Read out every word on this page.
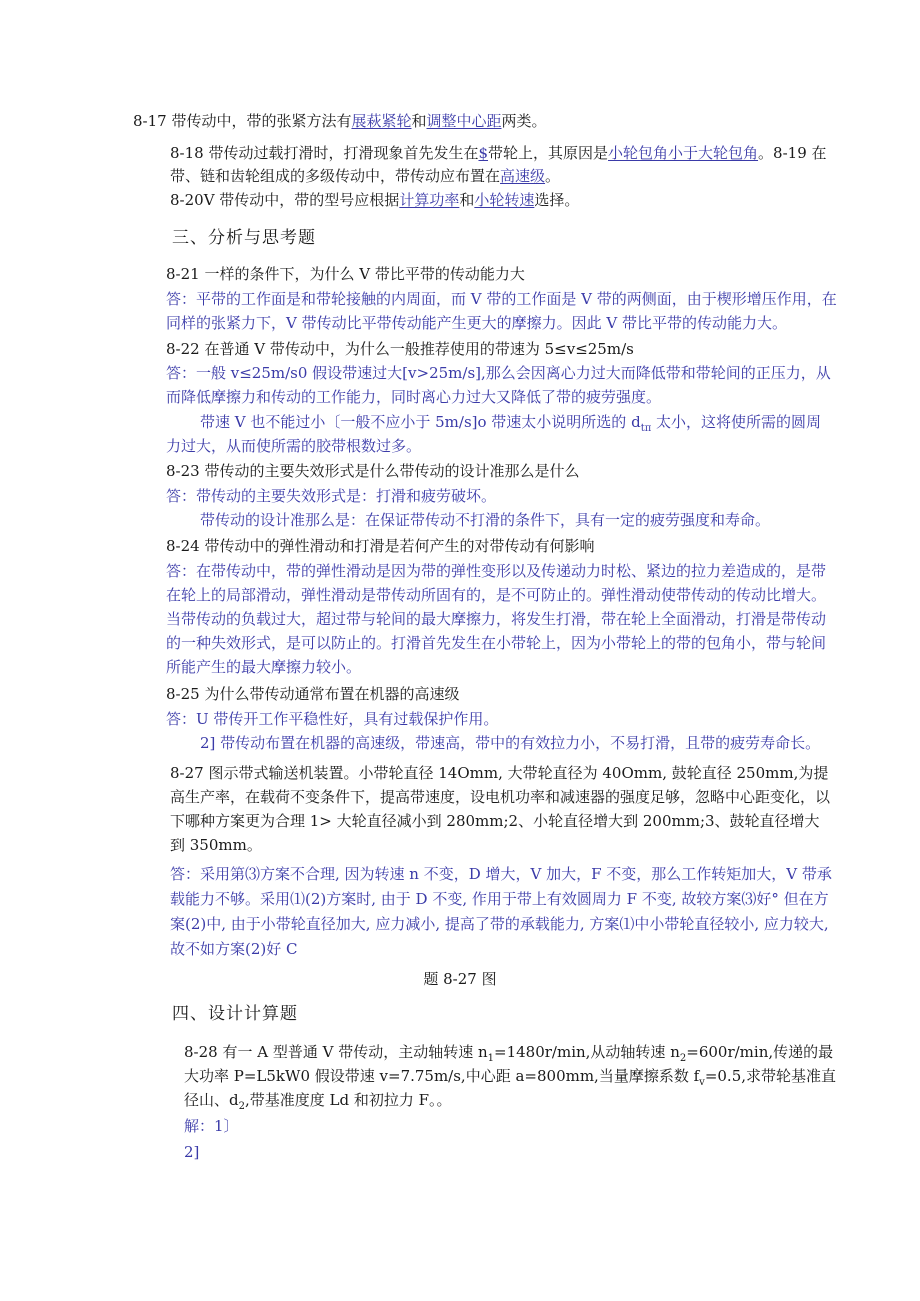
8-17 带传动中，带的张紧方法有展萩紧轮和调整中心距两类。
8-18 带传动过载打滑时，打滑现象首先发生在$带轮上，其原因是小轮包角小于大轮包角。8-19 在
带、链和齿轮组成的多级传动中，带传动应布置在高速级。
8-20V 带传动中，带的型号应根据计算功率和小轮转速选择。
三、分析与思考题
8-21 一样的条件下，为什么 V 带比平带的传动能力大
答：平带的工作面是和带轮接触的内周面，而 V 带的工作面是 V 带的两侧面，由于楔形增压作用，在同样的张紧力下，V 带传动比平带传动能产生更大的摩擦力。因此 V 带比平带的传动能力大。
8-22 在普通 V 带传动中，为什么一般推荐使用的带速为 5≤v≤25m∕s
答：一般 v≤25m∕s0 假设带速过大[v>25m∕s],那么会因离心力过大而降低带和带轮间的正压力，从而降低摩擦力和传动的工作能力，同时离心力过大又降低了带的疲劳强度。
带速 V 也不能过小〔一般不应小于 5m∕s]o 带速太小说明所选的 $d_{t\pi}$ 太小，这将使所需的圆周力过大，从而使所需的胶带根数过多。
8-23 带传动的主要失效形式是什么带传动的设计准那么是什么
答：带传动的主要失效形式是：打滑和疲劳破坏。
带传动的设计准那么是：在保证带传动不打滑的条件下，具有一定的疲劳强度和寿命。
8-24 带传动中的弹性滑动和打滑是若何产生的对带传动有何影响
答：在带传动中，带的弹性滑动是因为带的弹性变形以及传递动力时松、紧边的拉力差造成的，是带在轮上的局部滑动，弹性滑动是带传动所固有的，是不可防止的。弹性滑动使带传动的传动比增大。当带传动的负载过大，超过带与轮间的最大摩擦力，将发生打滑，带在轮上全面滑动，打滑是带传动的一种失效形式，是可以防止的。打滑首先发生在小带轮上，因为小带轮上的带的包角小，带与轮间所能产生的最大摩擦力较小。
8-25 为什么带传动通常布置在机器的高速级
答：U 带传开工作平稳性好，具有过载保护作用。
2] 带传动布置在机器的高速级，带速高，带中的有效拉力小，不易打滑，且带的疲劳寿命长。
8-27 图示带式输送机装置。小带轮直径 14Omm, 大带轮直径为 40Omm, 鼓轮直径 250mm,为提高生产率，在载荷不变条件下，提高带速度，设电机功率和减速器的强度足够，忽略中心距变化，以下哪种方案更为合理 1> 大轮直径减小到 280mm;2、小轮直径增大到 200mm;3、鼓轮直径增大到 350mm。
答：采用第⑶方案不合理, 因为转速 n 不变，D 增大，V 加大，F 不变，那么工作转矩加大，V 带承载能力不够。采用⑴(2)方案时, 由于 D 不变, 作用于带上有效圆周力 F 不变, 故较方案⑶好° 但在方案(2)中, 由于小带轮直径加大, 应力减小, 提高了带的承载能力, 方案⑴中小带轮直径较小, 应力较大, 故不如方案(2)好 C
题 8-27 图
四、设计计算题
8-28 有一 A 型普通 V 带传动，主动轴转速 $n_1=1480r∕\min$,从动轴转速 $n_2=600r∕\min$,传递的最大功率 P=L5kW0 假设带速 v=7.75m∕s,中心距 a=800mm,当量摩擦系数 $f_v=0.5$,求带轮基准直径山、$d_2$,带基准度度 Ld 和初拉力 F。。
解：1〕
2]
